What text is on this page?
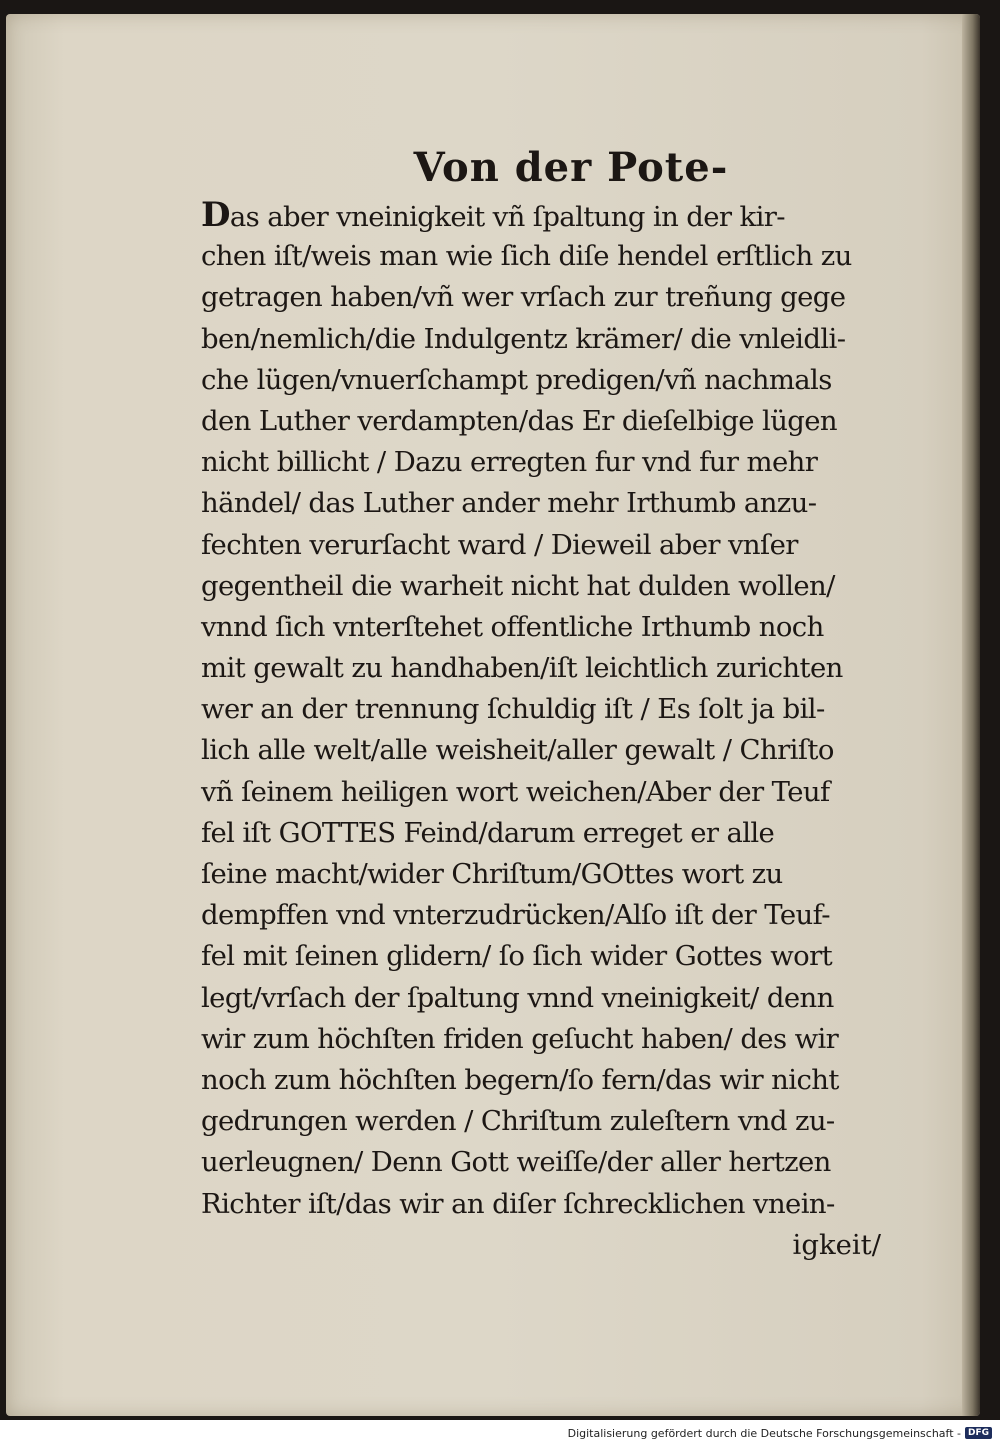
Von der Pote-
Das aber vneinigkeit vñ ſpaltung in der kir-
chen iſt/weis man wie ſich diſe hendel erſtlich zu
getragen haben/vñ wer vrſach zur treñung gege
ben/nemlich/die Indulgentz krämer/ die vnleidli-
che lügen/vnuerſchampt predigen/vñ nachmals
den Luther verdampten/das Er dieſelbige lügen
nicht billicht / Dazu erregten fur vnd fur mehr
händel/ das Luther ander mehr Irthumb anzu-
fechten verurſacht ward / Dieweil aber vnſer
gegentheil die warheit nicht hat dulden wollen/
vnnd ſich vnterſtehet offentliche Irthumb noch
mit gewalt zu handhaben/iſt leichtlich zurichten
wer an der trennung ſchuldig iſt / Es ſolt ja bil-
lich alle welt/alle weisheit/aller gewalt / Chriſto
vñ ſeinem heiligen wort weichen/Aber der Teuf
fel iſt GOTTES Feind/darum erreget er alle
ſeine macht/wider Chriſtum/GOttes wort zu
dempffen vnd vnterzudrücken/Alſo iſt der Teuf-
fel mit ſeinen glidern/ ſo ſich wider Gottes wort
legt/vrſach der ſpaltung vnnd vneinigkeit/ denn
wir zum höchſten friden geſucht haben/ des wir
noch zum höchſten begern/ſo fern/das wir nicht
gedrungen werden / Chriſtum zuleſtern vnd zu-
uerleugnen/ Denn Gott weiſſe/der aller hertzen
Richter iſt/das wir an diſer ſchrecklichen vnein-
igkeit/
Digitalisierung gefördert durch die Deutsche Forschungsgemeinschaft - DFG
